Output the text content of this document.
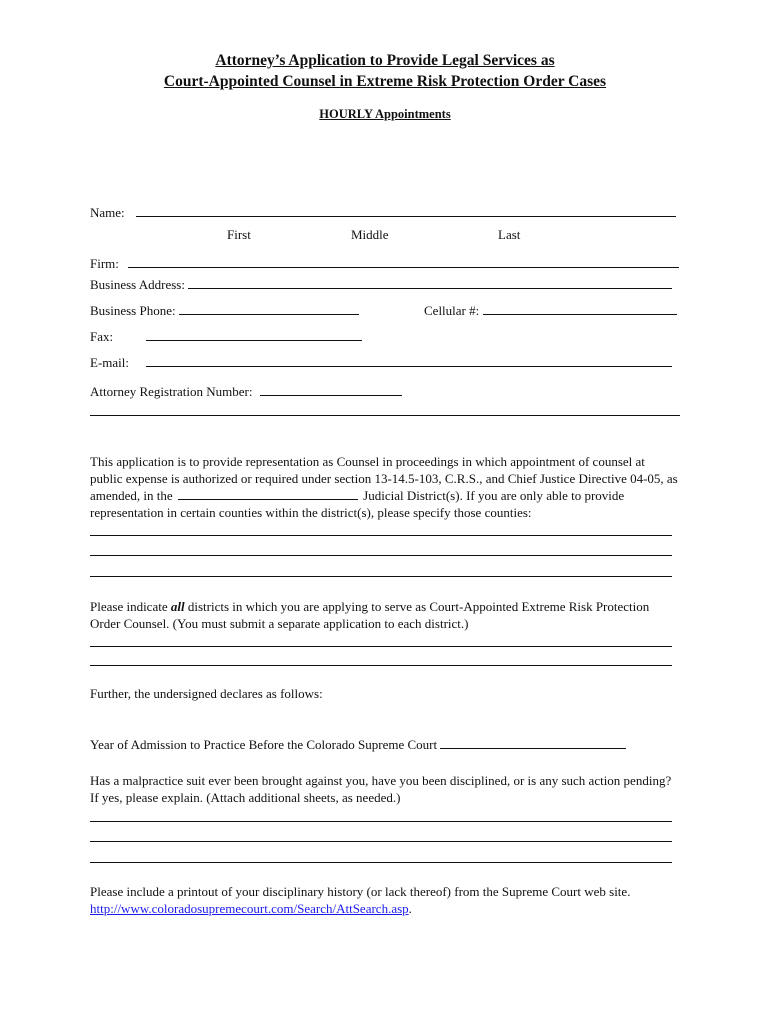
Attorney’s Application to Provide Legal Services as
Court-Appointed Counsel in Extreme Risk Protection Order Cases
HOURLY Appointments
Name:
First	Middle	Last
Firm:
Business Address:
Business Phone:	Cellular #:
Fax:
E-mail:
Attorney Registration Number:
This application is to provide representation as Counsel in proceedings in which appointment of counsel at public expense is authorized or required under section 13-14.5-103, C.R.S., and Chief Justice Directive 04-05, as amended, in the	Judicial District(s). If you are only able to provide representation in certain counties within the district(s), please specify those counties:
Please indicate all districts in which you are applying to serve as Court-Appointed Extreme Risk Protection Order Counsel. (You must submit a separate application to each district.)
Further, the undersigned declares as follows:
Year of Admission to Practice Before the Colorado Supreme Court
Has a malpractice suit ever been brought against you, have you been disciplined, or is any such action pending? If yes, please explain. (Attach additional sheets, as needed.)
Please include a printout of your disciplinary history (or lack thereof) from the Supreme Court web site.
http://www.coloradosupremecourt.com/Search/AttSearch.asp.
